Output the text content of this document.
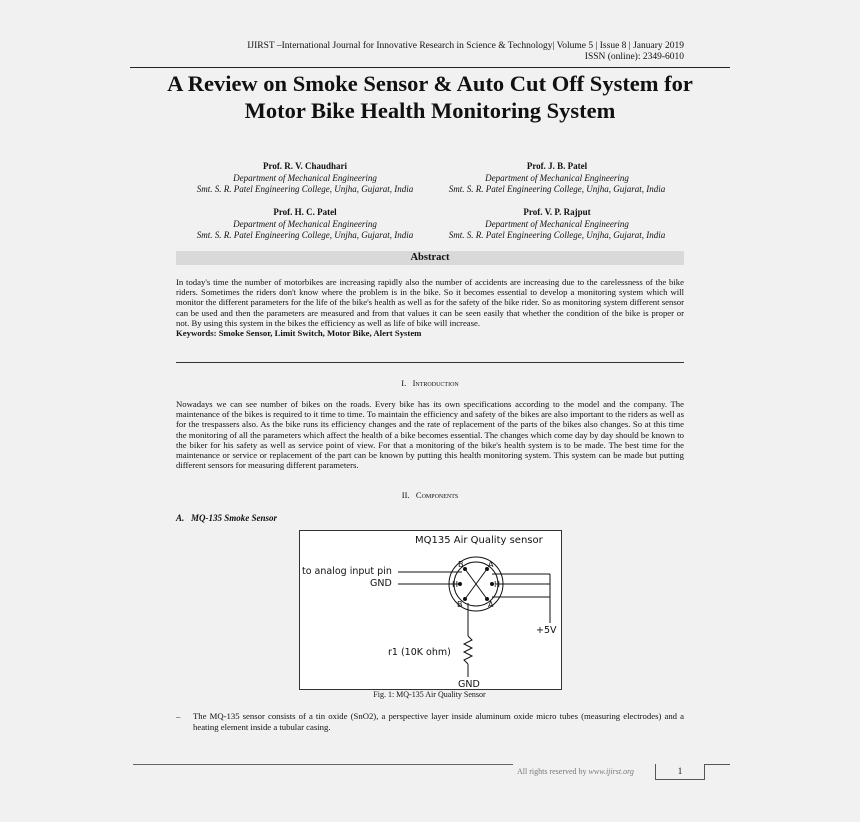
IJIRST –International Journal for Innovative Research in Science & Technology| Volume 5 | Issue 8 | January 2019
ISSN (online): 2349-6010
A Review on Smoke Sensor & Auto Cut Off System for Motor Bike Health Monitoring System
Prof. R. V. Chaudhari
Department of Mechanical Engineering
Smt. S. R. Patel Engineering College, Unjha, Gujarat, India
Prof. J. B. Patel
Department of Mechanical Engineering
Smt. S. R. Patel Engineering College, Unjha, Gujarat, India
Prof. H. C. Patel
Department of Mechanical Engineering
Smt. S. R. Patel Engineering College, Unjha, Gujarat, India
Prof. V. P. Rajput
Department of Mechanical Engineering
Smt. S. R. Patel Engineering College, Unjha, Gujarat, India
Abstract
In today's time the number of motorbikes are increasing rapidly also the number of accidents are increasing due to the carelessness of the bike riders. Sometimes the riders don't know where the problem is in the bike. So it becomes essential to develop a monitoring system which will monitor the different parameters for the life of the bike's health as well as for the safety of the bike rider. So as monitoring system different sensor can be used and then the parameters are measured and from that values it can be seen easily that whether the condition of the bike is proper or not. By using this system in the bikes the efficiency as well as life of bike will increase.
Keywords: Smoke Sensor, Limit Switch, Motor Bike, Alert System
I. Introduction
Nowadays we can see number of bikes on the roads. Every bike has its own specifications according to the model and the company. The maintenance of the bikes is required to it time to time. To maintain the efficiency and safety of the bikes are also important to the riders as well as for the trespassers also. As the bike runs its efficiency changes and the rate of replacement of the parts of the bikes also changes. So at this time the monitoring of all the parameters which affect the health of a bike becomes essential. The changes which come day by day should be known to the biker for his safety as well as service point of view. For that a monitoring of the bike's health system is to be made. The best time for the maintenance or service or replacement of the part can be known by putting this health monitoring system. This system can be made but putting different sensors for measuring different parameters.
II. Components
A. MQ-135 Smoke Sensor
MQ135 Air Quality sensor
to analog input pin
GND
+5V
r1 (10K ohm)
GND
B	A
H	H
B	A
Fig. 1: MQ-135 Air Quality Sensor
– The MQ-135 sensor consists of a tin oxide (SnO2), a perspective layer inside aluminum oxide micro tubes (measuring electrodes) and a heating element inside a tubular casing.
All rights reserved by www.ijirst.org	1
